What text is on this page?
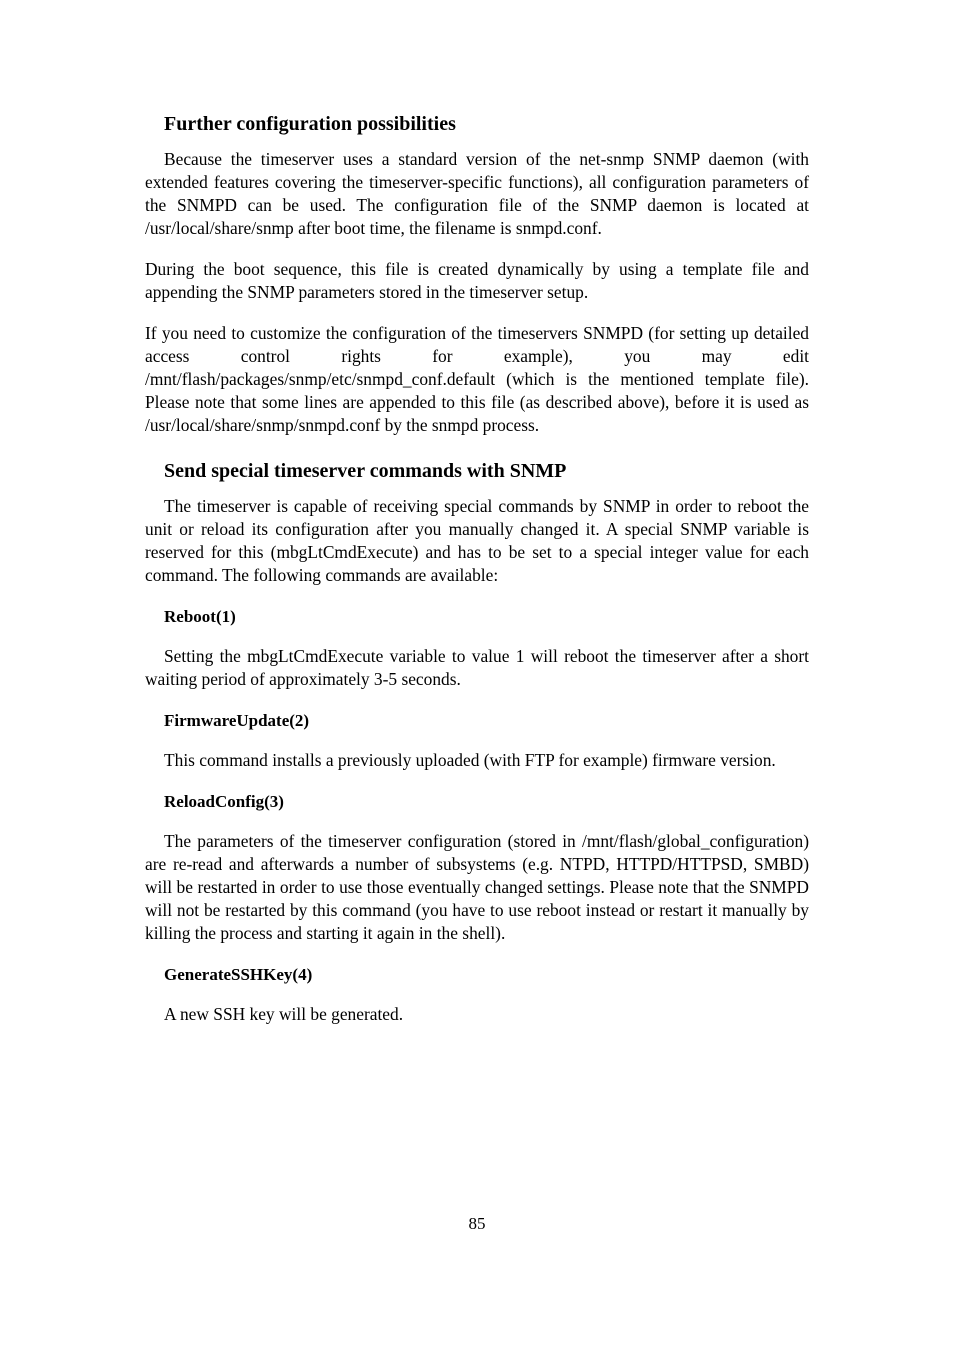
Further configuration possibilities

Because the timeserver uses a standard version of the net-snmp SNMP daemon (with extended features covering the timeserver-specific functions), all configuration parameters of the SNMPD can be used. The configuration file of the SNMP daemon is located at /usr/local/share/snmp after boot time, the filename is snmpd.conf.

During the boot sequence, this file is created dynamically by using a template file and appending the SNMP parameters stored in the timeserver setup.

If you need to customize the configuration of the timeservers SNMPD (for setting up detailed access control rights for example), you may edit /mnt/flash/packages/snmp/etc/snmpd_conf.default (which is the mentioned template file). Please note that some lines are appended to this file (as described above), before it is used as /usr/local/share/snmp/snmpd.conf by the snmpd process.

Send special timeserver commands with SNMP

The timeserver is capable of receiving special commands by SNMP in order to reboot the unit or reload its configuration after you manually changed it. A special SNMP variable is reserved for this (mbgLtCmdExecute) and has to be set to a special integer value for each command. The following commands are available:

Reboot(1)

Setting the mbgLtCmdExecute variable to value 1 will reboot the timeserver after a short waiting period of approximately 3-5 seconds.

FirmwareUpdate(2)

This command installs a previously uploaded (with FTP for example) firmware version.

ReloadConfig(3)

The parameters of the timeserver configuration (stored in /mnt/flash/global_configuration) are re-read and afterwards a number of subsystems (e.g. NTPD, HTTPD/HTTPSD, SMBD) will be restarted in order to use those eventually changed settings. Please note that the SNMPD will not be restarted by this command (you have to use reboot instead or restart it manually by killing the process and starting it again in the shell).

GenerateSSHKey(4)

A new SSH key will be generated.

85
